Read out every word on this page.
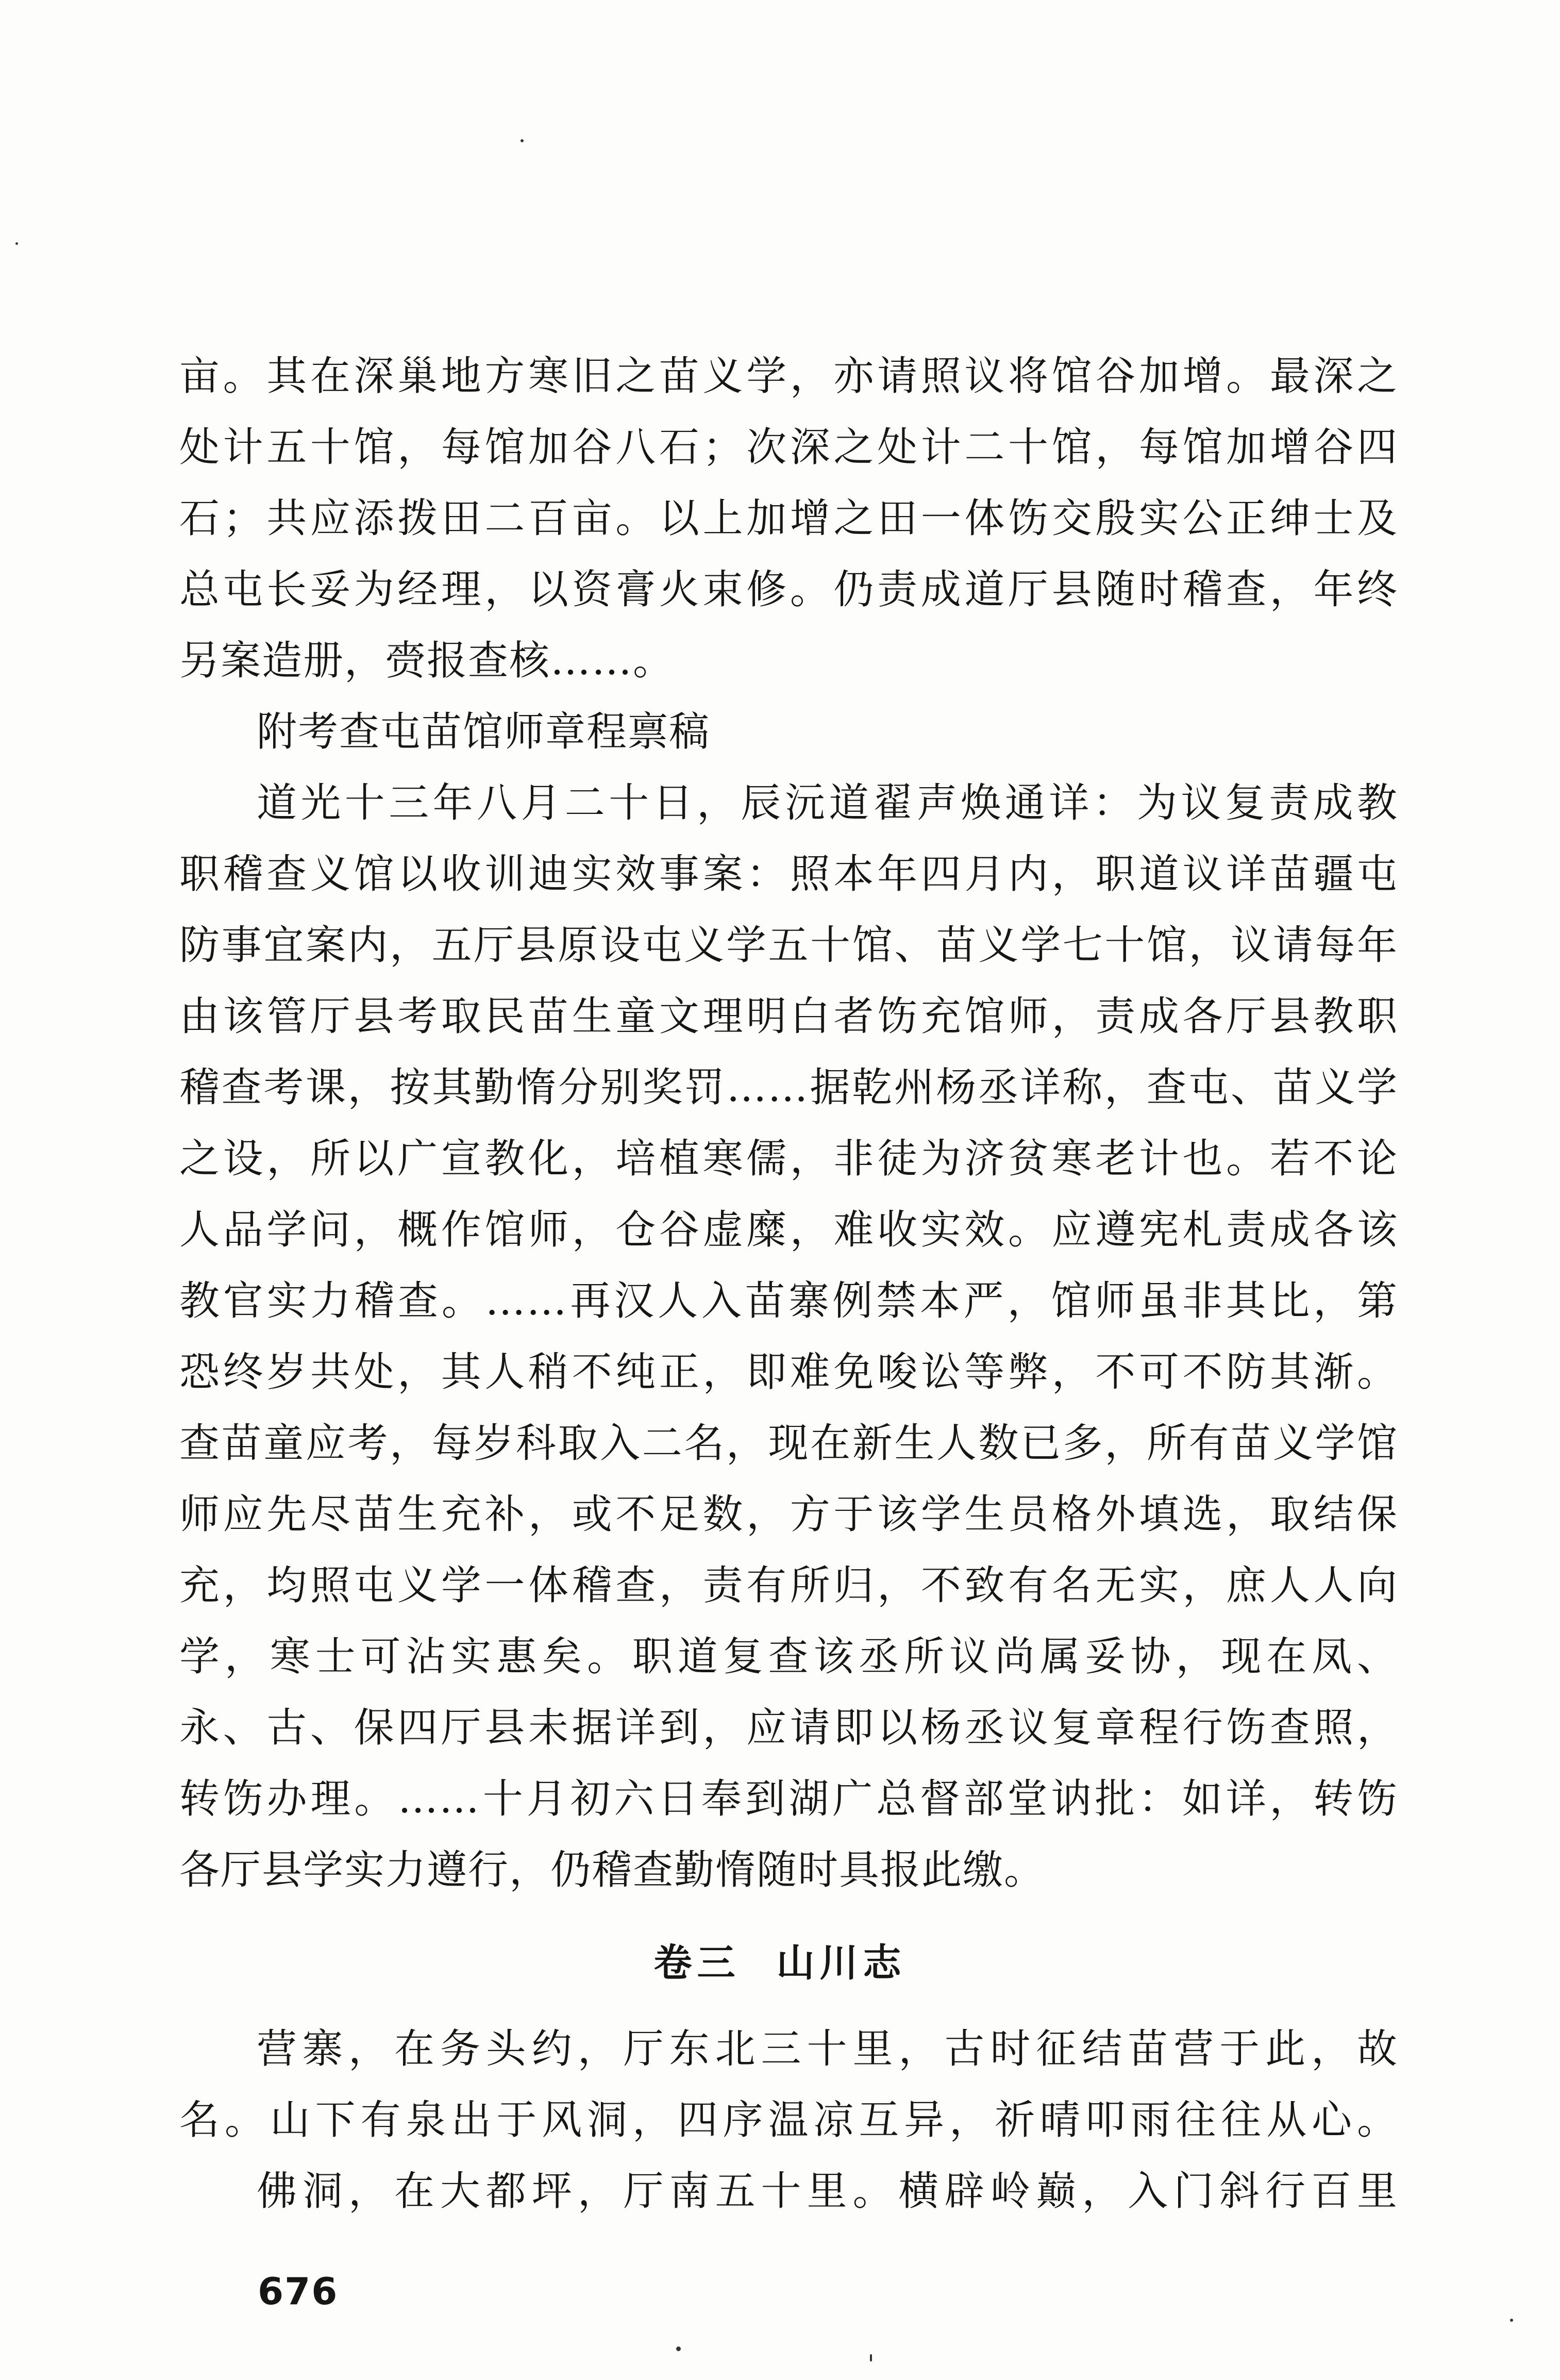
亩。其在深巢地方寒旧之苗义学，亦请照议将馆谷加增。最深之
处计五十馆，每馆加谷八石；次深之处计二十馆，每馆加增谷四
石；共应添拨田二百亩。以上加增之田一体饬交殷实公正绅士及
总屯长妥为经理，以资膏火束修。仍责成道厅县随时稽查，年终
另案造册，赍报查核……。
附考查屯苗馆师章程禀稿
道光十三年八月二十日，辰沅道翟声焕通详：为议复责成教
职稽查义馆以收训迪实效事案：照本年四月内，职道议详苗疆屯
防事宜案内，五厅县原设屯义学五十馆、苗义学七十馆，议请每年
由该管厅县考取民苗生童文理明白者饬充馆师，责成各厅县教职
稽查考课，按其勤惰分别奖罚……据乾州杨丞详称，查屯、苗义学
之设，所以广宣教化，培植寒儒，非徒为济贫寒老计也。若不论
人品学问，概作馆师，仓谷虚糜，难收实效。应遵宪札责成各该
教官实力稽查。……再汉人入苗寨例禁本严，馆师虽非其比，第
恐终岁共处，其人稍不纯正，即难免唆讼等弊，不可不防其渐。
查苗童应考，每岁科取入二名，现在新生人数已多，所有苗义学馆
师应先尽苗生充补，或不足数，方于该学生员格外填选，取结保
充，均照屯义学一体稽查，责有所归，不致有名无实，庶人人向
学，寒士可沾实惠矣。职道复查该丞所议尚属妥协，现在凤、
永、古、保四厅县未据详到，应请即以杨丞议复章程行饬查照，
转饬办理。……十月初六日奉到湖广总督部堂讷批：如详，转饬
各厅县学实力遵行，仍稽查勤惰随时具报此缴。
卷三 山川志
营寨，在务头约，厅东北三十里，古时征结苗营于此，故
名。山下有泉出于风洞，四序温凉互异，祈晴叩雨往往从心。
佛洞，在大都坪，厅南五十里。横辟岭巅，入门斜行百里
676
